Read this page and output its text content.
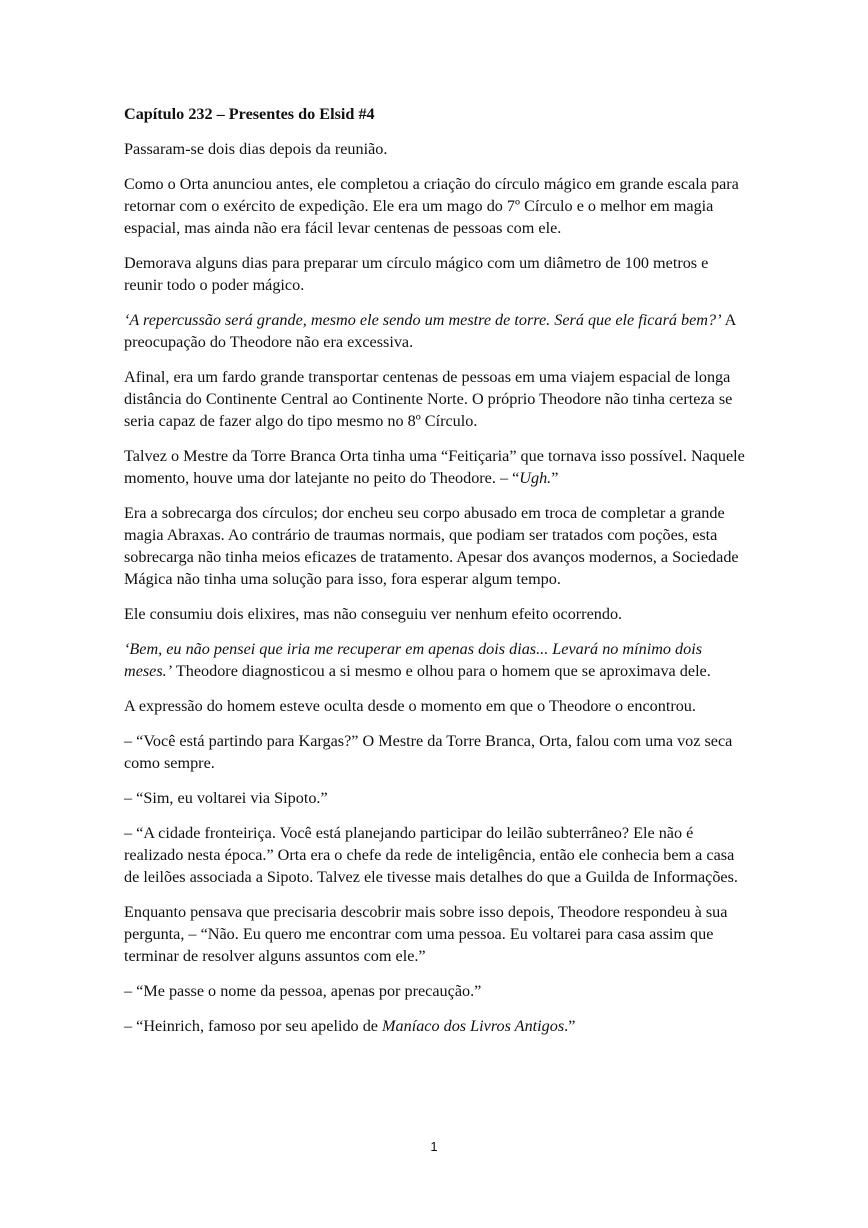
Capítulo 232 – Presentes do Elsid #4

Passaram-se dois dias depois da reunião.

Como o Orta anunciou antes, ele completou a criação do círculo mágico em grande escala para retornar com o exército de expedição. Ele era um mago do 7º Círculo e o melhor em magia espacial, mas ainda não era fácil levar centenas de pessoas com ele.

Demorava alguns dias para preparar um círculo mágico com um diâmetro de 100 metros e reunir todo o poder mágico.

‘A repercussão será grande, mesmo ele sendo um mestre de torre. Será que ele ficará bem?’ A preocupação do Theodore não era excessiva.

Afinal, era um fardo grande transportar centenas de pessoas em uma viajem espacial de longa distância do Continente Central ao Continente Norte. O próprio Theodore não tinha certeza se seria capaz de fazer algo do tipo mesmo no 8º Círculo.

Talvez o Mestre da Torre Branca Orta tinha uma “Feitiçaria” que tornava isso possível. Naquele momento, houve uma dor latejante no peito do Theodore. – “Ugh.”

Era a sobrecarga dos círculos; dor encheu seu corpo abusado em troca de completar a grande magia Abraxas. Ao contrário de traumas normais, que podiam ser tratados com poções, esta sobrecarga não tinha meios eficazes de tratamento. Apesar dos avanços modernos, a Sociedade Mágica não tinha uma solução para isso, fora esperar algum tempo.

Ele consumiu dois elixires, mas não conseguiu ver nenhum efeito ocorrendo.

‘Bem, eu não pensei que iria me recuperar em apenas dois dias... Levará no mínimo dois meses.’ Theodore diagnosticou a si mesmo e olhou para o homem que se aproximava dele.

A expressão do homem esteve oculta desde o momento em que o Theodore o encontrou.

– “Você está partindo para Kargas?” O Mestre da Torre Branca, Orta, falou com uma voz seca como sempre.

– “Sim, eu voltarei via Sipoto.”

– “A cidade fronteiriça. Você está planejando participar do leilão subterrâneo? Ele não é realizado nesta época.” Orta era o chefe da rede de inteligência, então ele conhecia bem a casa de leilões associada a Sipoto. Talvez ele tivesse mais detalhes do que a Guilda de Informações.

Enquanto pensava que precisaria descobrir mais sobre isso depois, Theodore respondeu à sua pergunta, – “Não. Eu quero me encontrar com uma pessoa. Eu voltarei para casa assim que terminar de resolver alguns assuntos com ele.”

– “Me passe o nome da pessoa, apenas por precaução.”

– “Heinrich, famoso por seu apelido de Maníaco dos Livros Antigos.”

1
